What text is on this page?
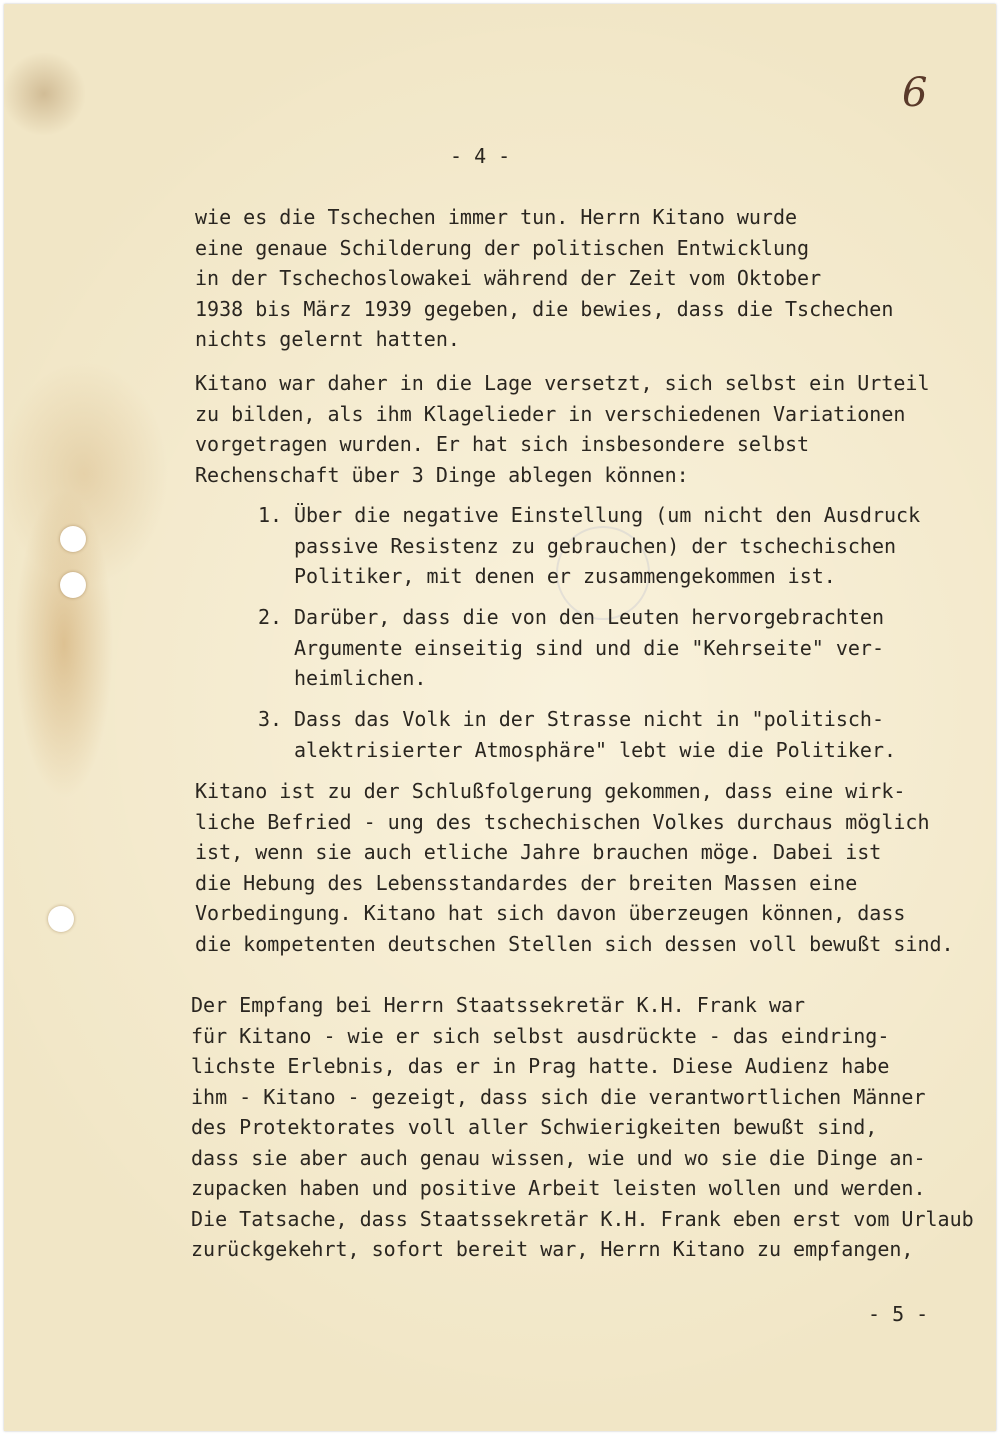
6
- 4 -
wie es die Tschechen immer tun. Herrn Kitano wurde
eine genaue Schilderung der politischen Entwicklung
in der Tschechoslowakei während der Zeit vom Oktober
1938 bis März 1939 gegeben, die bewies, dass die Tschechen
nichts gelernt hatten.
Kitano war daher in die Lage versetzt, sich selbst ein Urteil
zu bilden, als ihm Klagelieder in verschiedenen Variationen
vorgetragen wurden. Er hat sich insbesondere selbst
Rechenschaft über 3 Dinge ablegen können:
1. Über die negative Einstellung (um nicht den Ausdruck
passive Resistenz zu gebrauchen) der tschechischen
Politiker, mit denen er zusammengekommen ist.
2. Darüber, dass die von den Leuten hervorgebrachten
Argumente einseitig sind und die "Kehrseite" ver-
heimlichen.
3. Dass das Volk in der Strasse nicht in "politisch-
alektrisierter Atmosphäre" lebt wie die Politiker.
Kitano ist zu der Schlußfolgerung gekommen, dass eine wirk-
liche Befried - ung des tschechischen Volkes durchaus möglich
ist, wenn sie auch etliche Jahre brauchen möge. Dabei ist
die Hebung des Lebensstandardes der breiten Massen eine
Vorbedingung. Kitano hat sich davon überzeugen können, dass
die kompetenten deutschen Stellen sich dessen voll bewußt sind.
Der Empfang bei Herrn Staatssekretär K.H. Frank war
für Kitano - wie er sich selbst ausdrückte - das eindring-
lichste Erlebnis, das er in Prag hatte. Diese Audienz habe
ihm - Kitano - gezeigt, dass sich die verantwortlichen Männer
des Protektorates voll aller Schwierigkeiten bewußt sind,
dass sie aber auch genau wissen, wie und wo sie die Dinge an-
zupacken haben und positive Arbeit leisten wollen und werden.
Die Tatsache, dass Staatssekretär K.H. Frank eben erst vom Urlaub
zurückgekehrt, sofort bereit war, Herrn Kitano zu empfangen,
- 5 -
